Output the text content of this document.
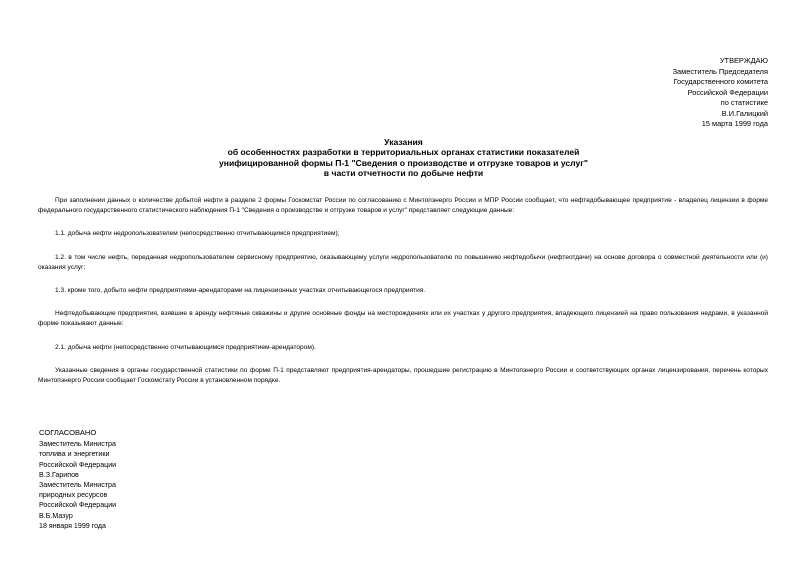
УТВЕРЖДАЮ
Заместитель Председателя
Государственного комитета
Российской Федерации
по статистике
В.И.Галицкий
15 марта 1999 года
Указания
об особенностях разработки в территориальных органах статистики показателей
унифицированной формы П-1 "Сведения о производстве и отгрузке товаров и услуг"
в части отчетности по добыче нефти

При заполнении данных о количестве добытой нефти в разделе 2 формы Госкомстат России по согласованию с Минтопэнерго России и МПР России сообщает, что нефтедобывающее предприятие - владелец лицензии в форме федерального государственного статистического наблюдения П-1 "Сведения о производстве и отгрузке товаров и услуг" представляет следующие данные:

1.1. добыча нефти недропользователем (непосредственно отчитывающимся предприятием);

1.2. в том числе нефть, переданная недропользователем сервисному предприятию, оказывающему услуги недропользователю по повышению нефтедобычи (нефтеотдачи) на основе договора о совместной деятельности или (и) оказания услуг;

1.3. кроме того, добыто нефти предприятиями-арендаторами на лицензионных участках отчитывающегося предприятия.

Нефтедобывающие предприятия, взявшие в аренду нефтяные скважины и другие основные фонды на месторождениях или их участках у другого предприятия, владеющего лицензией на право пользования недрами, в указанной форме показывают данные:

2.1. добыча нефти (непосредственно отчитывающимся предприятием-арендатором).

Указанные сведения в органы государственной статистики по форме П-1 представляют предприятия-арендаторы, прошедшие регистрацию в Минтопэнерго России и соответствующих органах лицензирования, перечень которых Минтопэнерго России сообщает Госкомстату России в установленном порядке.

СОГЛАСОВАНО
Заместитель Министра
топлива и энергетики
Российской Федерации
В.З.Гарипов
Заместитель Министра
природных ресурсов
Российской Федерации
В.Б.Мазур
18 января 1999 года
